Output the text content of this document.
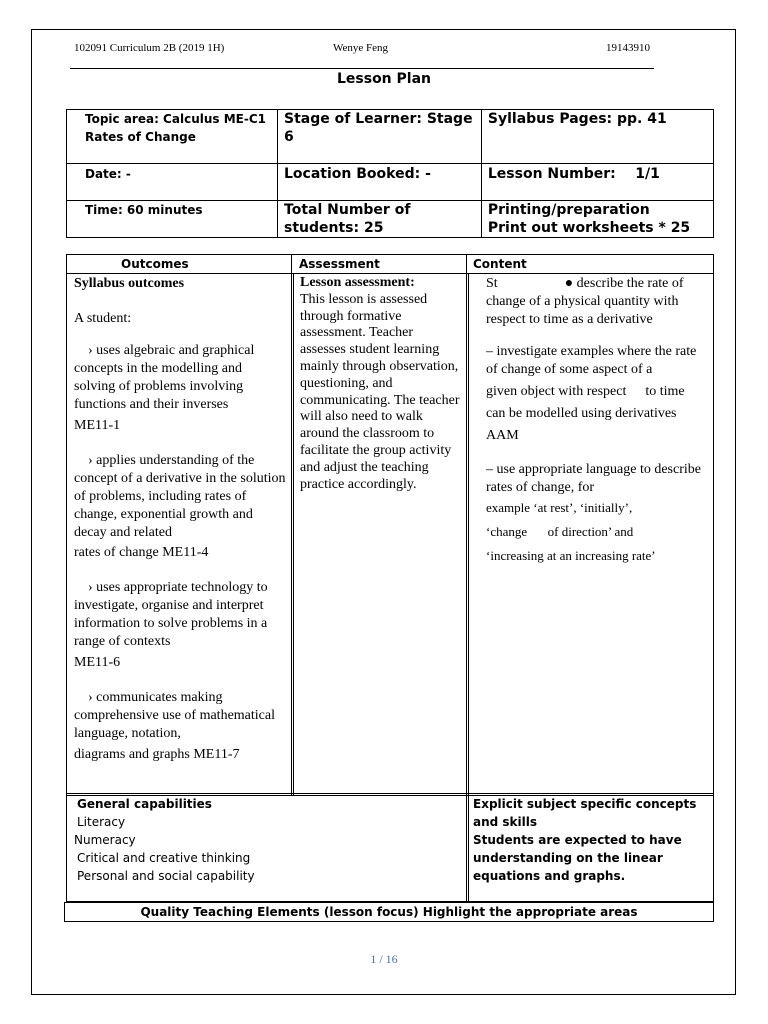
102091 Curriculum 2B (2019 1H)	Wenye Feng	19143910
Lesson Plan
Topic area: Calculus ME-C1
Rates of Change	Stage of Learner: Stage 6	Syllabus Pages: pp. 41

Date: -	Location Booked: -	Lesson Number:    1/1

Time: 60 minutes	Total Number of students: 25	Printing/preparation
Print out worksheets * 25
Outcomes	Assessment	Content

Syllabus outcomes

A student:

› uses algebraic and graphical concepts in the modelling and solving of problems involving functions and their inverses

ME11-1

› applies understanding of the concept of a derivative in the solution of problems, including rates of change, exponential growth and decay and related

rates of change ME11-4

› uses appropriate technology to investigate, organise and interpret information to solve problems in a range of contexts

ME11-6

› communicates making comprehensive use of mathematical language, notation,

diagrams and graphs ME11-7

Lesson assessment:
This lesson is assessed through formative assessment. Teacher assesses student learning mainly through observation, questioning, and communicating. The teacher will also need to walk around the classroom to facilitate the group activity and adjust the teaching practice accordingly.

St	● describe the rate of change of a physical quantity with respect to time as a derivative

– investigate examples where the rate of change of some aspect of a

given object with respect to time

can be modelled using derivatives

AAM

– use appropriate language to describe rates of change, for

example ‘at rest’, ‘initially’,

‘change of direction’ and

‘increasing at an increasing rate’

General capabilities
Literacy
Numeracy
Critical and creative thinking
Personal and social capability
Explicit subject specific concepts and skills
Students are expected to have understanding on the linear equations and graphs.
Quality Teaching Elements (lesson focus) Highlight the appropriate areas
1 / 16
